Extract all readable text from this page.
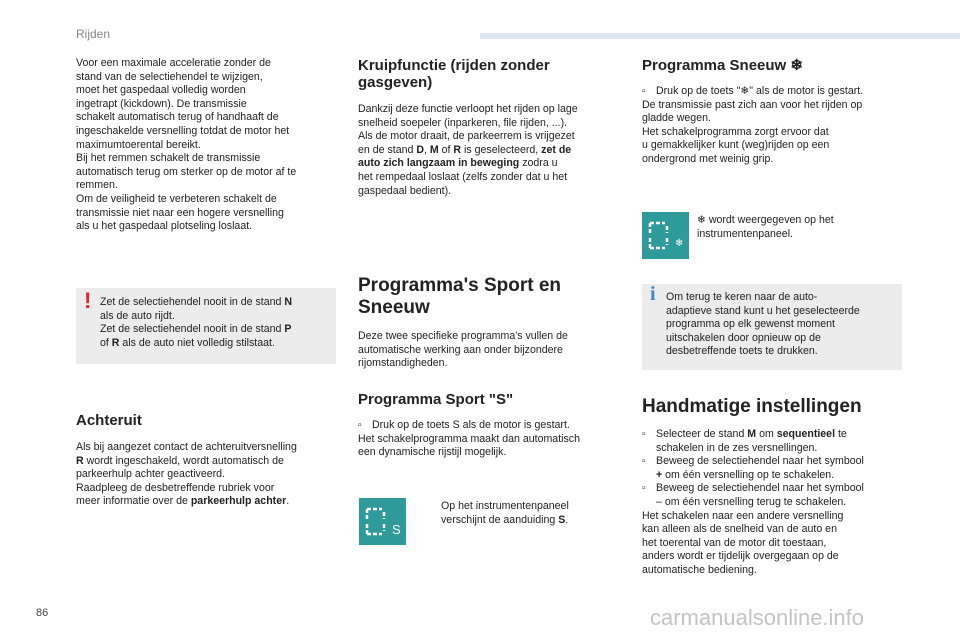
Rijden

Voor een maximale acceleratie zonder de

stand van de selectiehendel te wijzigen,

moet het gaspedaal volledig worden

ingetrapt (kickdown). De transmissie

schakelt automatisch terug of handhaaft de

ingeschakelde versnelling totdat de motor het

maximumtoerental bereikt.

Bij het remmen schakelt de transmissie

automatisch terug om sterker op de motor af te

remmen.

Om de veiligheid te verbeteren schakelt de

transmissie niet naar een hogere versnelling

als u het gaspedaal plotseling loslaat.

! Zet de selectiehendel nooit in de stand N

als de auto rijdt.

Zet de selectiehendel nooit in de stand P

of R als de auto niet volledig stilstaat.

Achteruit

Als bij aangezet contact de achteruitversnelling

R wordt ingeschakeld, wordt automatisch de

parkeerhulp achter geactiveerd.

Raadpleeg de desbetreffende rubriek voor

meer informatie over de parkeerhulp achter.

Kruipfunctie (rijden zonder

gasgeven)

Dankzij deze functie verloopt het rijden op lage

snelheid soepeler (inparkeren, file rijden, ...).

Als de motor draait, de parkeerrem is vrijgezet

en de stand D, M of R is geselecteerd, zet de

auto zich langzaam in beweging zodra u

het rempedaal loslaat (zelfs zonder dat u het

gaspedaal bedient).

Programma's Sport en Sneeuw

Deze twee specifieke programma's vullen de

automatische werking aan onder bijzondere

rijomstandigheden.

Programma Sport "S"

▫ Druk op de toets S als de motor is gestart.

Het schakelprogramma maakt dan automatisch

een dynamische rijstijl mogelijk.

S

Op het instrumentenpaneel

verschijnt de aanduiding S.

Programma Sneeuw ❄

▫ Druk op de toets "❄" als de motor is gestart.

De transmissie past zich aan voor het rijden op

gladde wegen.

Het schakelprogramma zorgt ervoor dat

u gemakkelijker kunt (weg)rijden op een

ondergrond met weinig grip.

❄

❄ wordt weergegeven op het

instrumentenpaneel.

i Om terug te keren naar de auto-

adaptieve stand kunt u het geselecteerde

programma op elk gewenst moment

uitschakelen door opnieuw op de

desbetreffende toets te drukken.

Handmatige instellingen

▫ Selecteer de stand M om sequentieel te

schakelen in de zes versnellingen.

▫ Beweeg de selectiehendel naar het symbool

+ om één versnelling op te schakelen.

▫ Beweeg de selectiehendel naar het symbool

– om één versnelling terug te schakelen.

Het schakelen naar een andere versnelling

kan alleen als de snelheid van de auto en

het toerental van de motor dit toestaan,

anders wordt er tijdelijk overgegaan op de

automatische bediening.

86	carmanualsonline.info
